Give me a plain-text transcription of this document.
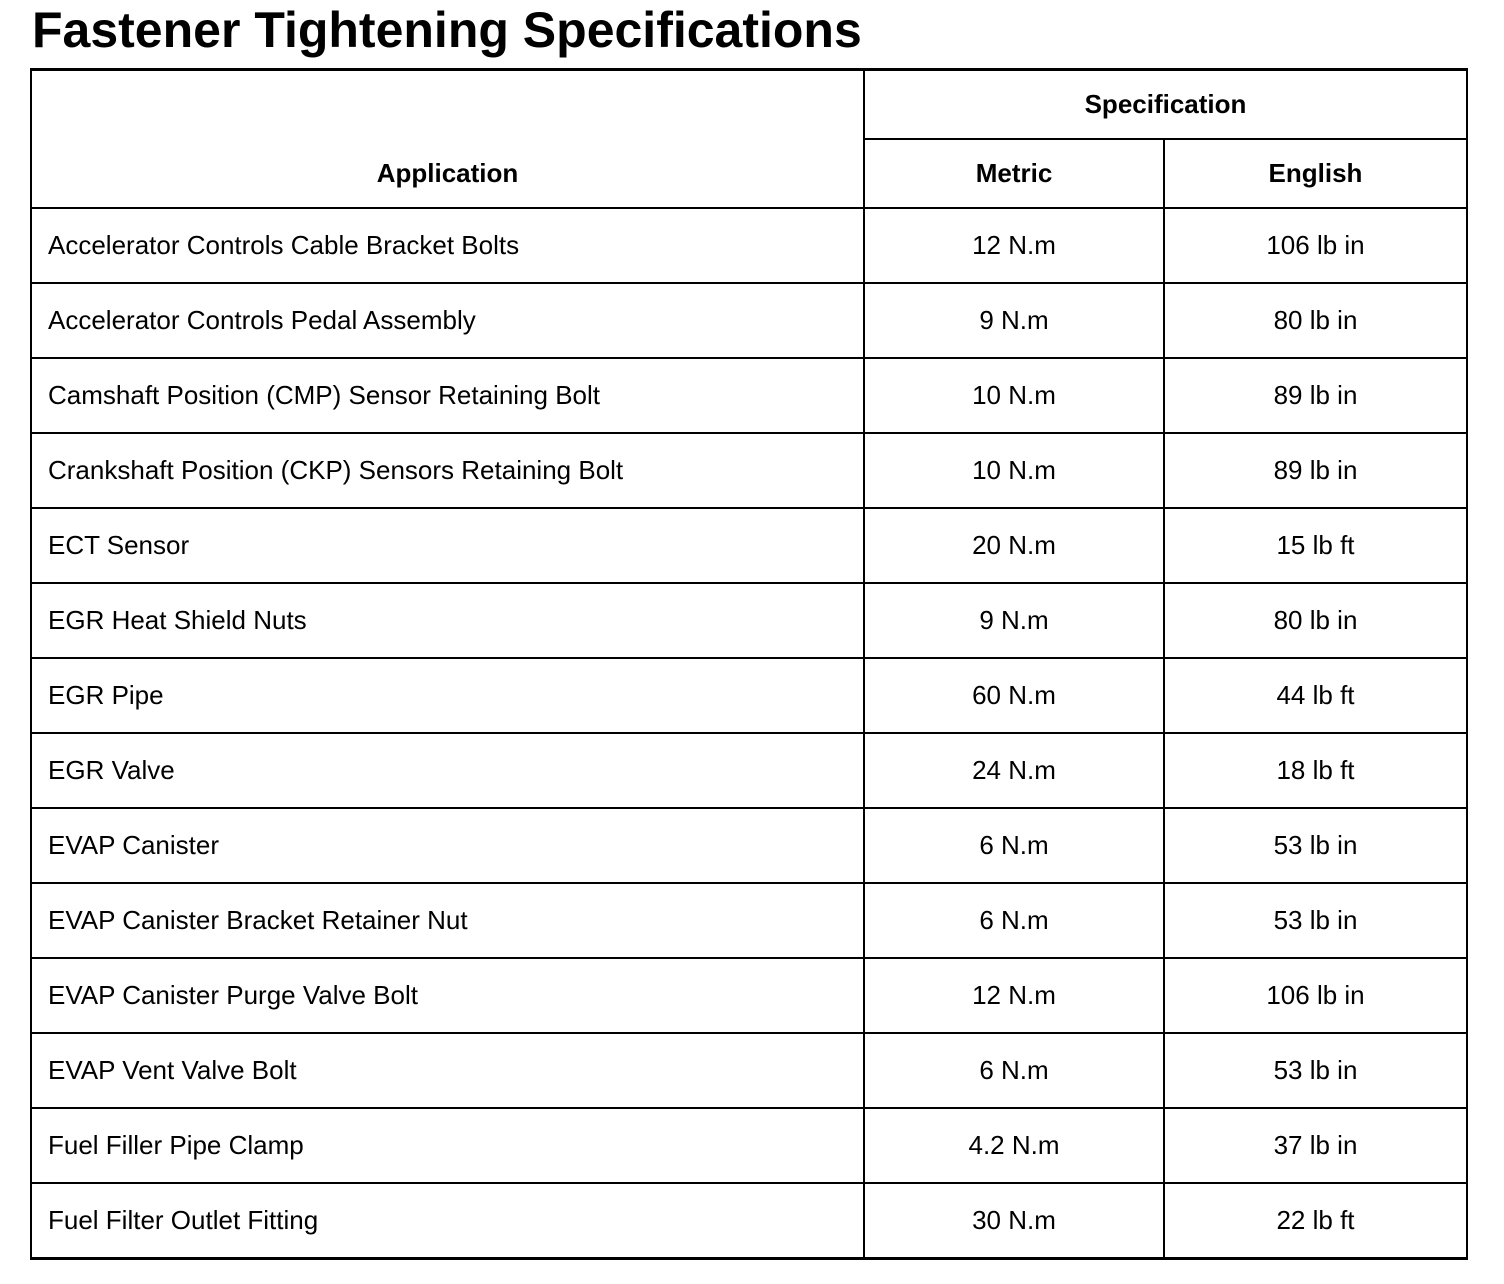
Fastener Tightening Specifications
Application	Specification	
	Metric	English
Accelerator Controls Cable Bracket Bolts	12 N.m	106 lb in
Accelerator Controls Pedal Assembly	9 N.m	80 lb in
Camshaft Position (CMP) Sensor Retaining Bolt	10 N.m	89 lb in
Crankshaft Position (CKP) Sensors Retaining Bolt	10 N.m	89 lb in
ECT Sensor	20 N.m	15 lb ft
EGR Heat Shield Nuts	9 N.m	80 lb in
EGR Pipe	60 N.m	44 lb ft
EGR Valve	24 N.m	18 lb ft
EVAP Canister	6 N.m	53 lb in
EVAP Canister Bracket Retainer Nut	6 N.m	53 lb in
EVAP Canister Purge Valve Bolt	12 N.m	106 lb in
EVAP Vent Valve Bolt	6 N.m	53 lb in
Fuel Filler Pipe Clamp	4.2 N.m	37 lb in
Fuel Filter Outlet Fitting	30 N.m	22 lb ft
